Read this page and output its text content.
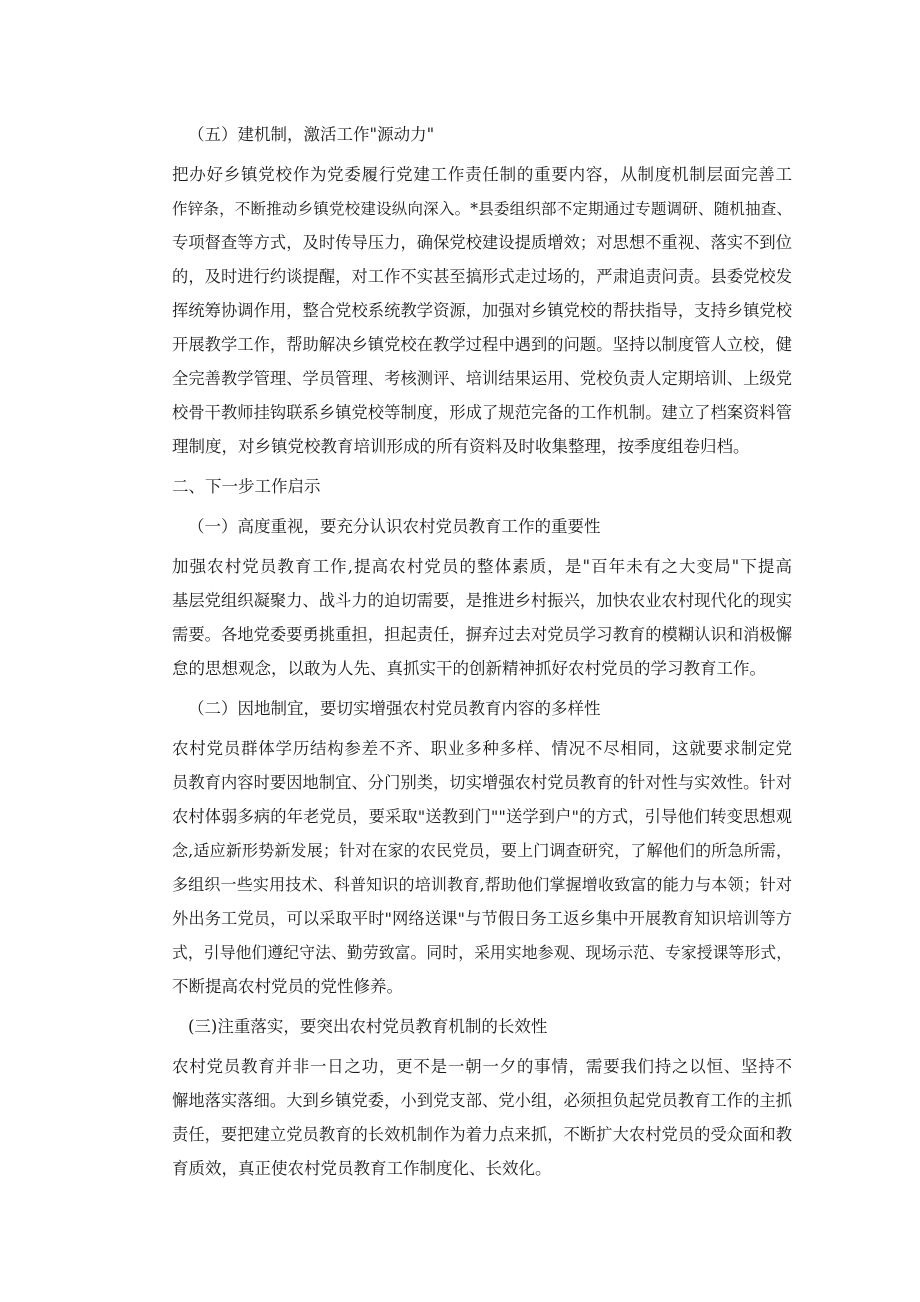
（五）建机制，激活工作"源动力"
把办好乡镇党校作为党委履行党建工作责任制的重要内容，从制度机制层面完善工
作锌条，不断推动乡镇党校建设纵向深入。*县委组织部不定期通过专题调研、随机抽查、
专项督查等方式，及时传导压力，确保党校建设提质增效；对思想不重视、落实不到位
的，及时进行约谈提醒，对工作不实甚至搞形式走过场的，严肃追责问责。县委党校发
挥统筹协调作用，整合党校系统教学资源，加强对乡镇党校的帮扶指导，支持乡镇党校
开展教学工作，帮助解决乡镇党校在教学过程中遇到的问题。坚持以制度管人立校，健
全完善教学管理、学员管理、考核测评、培训结果运用、党校负责人定期培训、上级党
校骨干教师挂钩联系乡镇党校等制度，形成了规范完备的工作机制。建立了档案资料管
理制度，对乡镇党校教育培训形成的所有资料及时收集整理，按季度组卷归档。
二、下一步工作启示
（一）高度重视，要充分认识农村党员教育工作的重要性
加强农村党员教育工作,提高农村党员的整体素质，是"百年未有之大变局"下提高
基层党组织凝聚力、战斗力的迫切需要，是推进乡村振兴，加快农业农村现代化的现实
需要。各地党委要勇挑重担，担起责任，摒弃过去对党员学习教育的模糊认识和消极懈
怠的思想观念，以敢为人先、真抓实干的创新精神抓好农村党员的学习教育工作。
（二）因地制宜，要切实增强农村党员教育内容的多样性
农村党员群体学历结构参差不齐、职业多种多样、情况不尽相同，这就要求制定党
员教育内容时要因地制宜、分门别类，切实增强农村党员教育的针对性与实效性。针对
农村体弱多病的年老党员，要采取"送教到门""送学到户"的方式，引导他们转变思想观
念,适应新形势新发展；针对在家的农民党员，要上门调查研究，了解他们的所急所需，
多组织一些实用技术、科普知识的培训教育,帮助他们掌握增收致富的能力与本领；针对
外出务工党员，可以采取平时"网络送课"与节假日务工返乡集中开展教育知识培训等方
式，引导他们遵纪守法、勤劳致富。同时，采用实地参观、现场示范、专家授课等形式，
不断提高农村党员的党性修养。
(三)注重落实，要突出农村党员教育机制的长效性
农村党员教育并非一日之功，更不是一朝一夕的事情，需要我们持之以恒、坚持不
懈地落实落细。大到乡镇党委，小到党支部、党小组，必须担负起党员教育工作的主抓
责任，要把建立党员教育的长效机制作为着力点来抓，不断扩大农村党员的受众面和教
育质效，真正使农村党员教育工作制度化、长效化。
